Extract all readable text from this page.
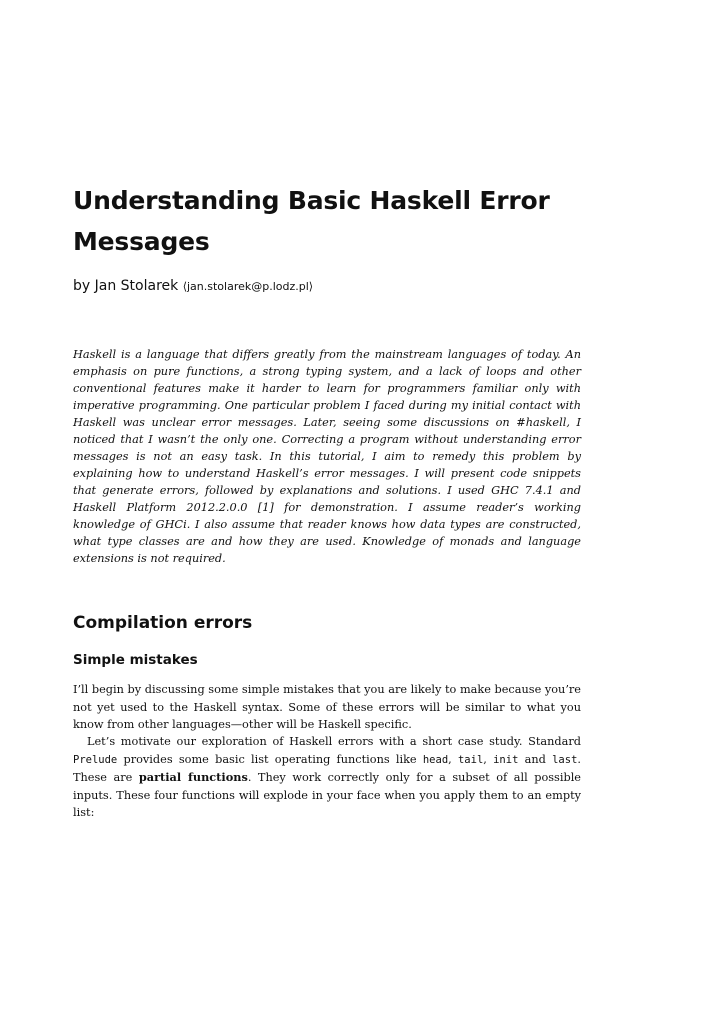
Understanding Basic Haskell Error Messages

by Jan Stolarek ⟨jan.stolarek@p.lodz.pl⟩

Haskell is a language that differs greatly from the mainstream languages of today. An emphasis on pure functions, a strong typing system, and a lack of loops and other conventional features make it harder to learn for programmers familiar only with imperative programming. One particular problem I faced during my initial contact with Haskell was unclear error messages. Later, seeing some discussions on #haskell, I noticed that I wasn’t the only one. Correcting a program without understanding error messages is not an easy task. In this tutorial, I aim to remedy this problem by explaining how to understand Haskell’s error messages. I will present code snippets that generate errors, followed by explanations and solutions. I used GHC 7.4.1 and Haskell Platform 2012.2.0.0 [1] for demonstration. I assume reader’s working knowledge of GHCi. I also assume that reader knows how data types are constructed, what type classes are and how they are used. Knowledge of monads and language extensions is not required.

Compilation errors
Simple mistakes

I’ll begin by discussing some simple mistakes that you are likely to make because you’re not yet used to the Haskell syntax. Some of these errors will be similar to what you know from other languages—other will be Haskell specific.

Let’s motivate our exploration of Haskell errors with a short case study. Standard Prelude provides some basic list operating functions like head, tail, init and last. These are partial functions. They work correctly only for a subset of all possible inputs. These four functions will explode in your face when you apply them to an empty list:
